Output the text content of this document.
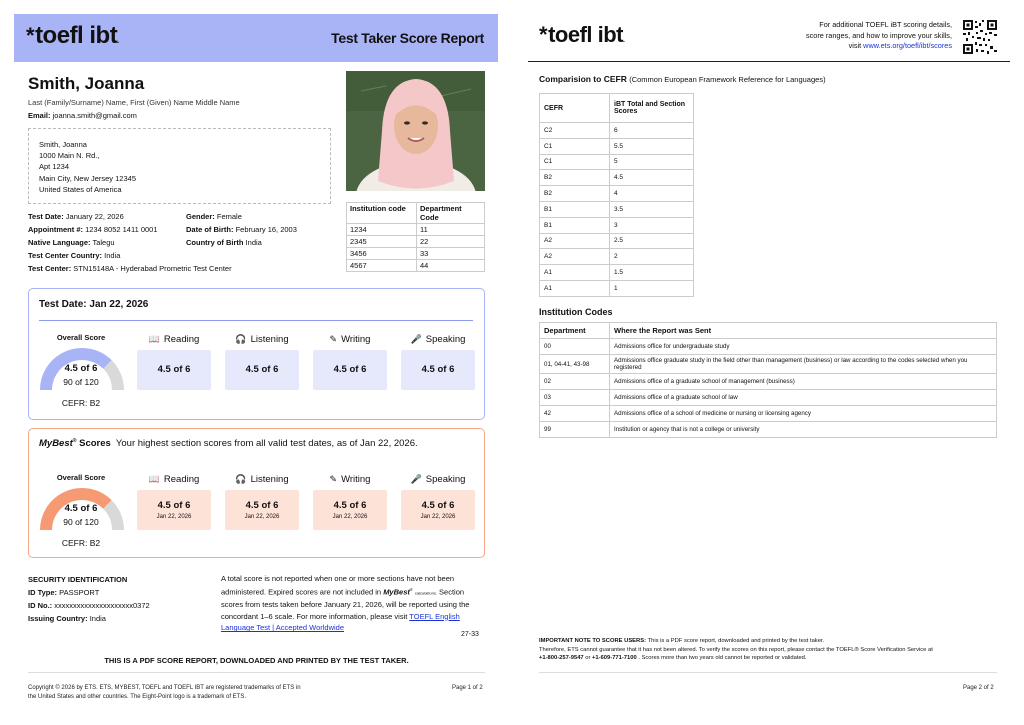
*toefl ibt.	Test Taker Score Report
Smith, Joanna
Last (Family/Surname) Name, First (Given) Name Middle Name
Email: joanna.smith@gmail.com
Smith, Joanna
1000 Main N. Rd.,
Apt 1234
Main City, New Jersey 12345
United States of America
Test Date: January 22, 2026
Appointment #: 1234 8052 1411 0001
Native Language: Talegu
Test Center Country: India
Test Center: STN15148A - Hyderabad Prometric Test Center
Gender: Female
Date of Birth: February 16, 2003
Country of Birth India
Institution code	Department Code
1234	11
2345	22
3456	33
4567	44
Test Date: Jan 22, 2026
Overall Score
4.5 of 6
90 of 120
CEFR: B2
📖 Reading	🎧 Listening	✎ Writing	🎤 Speaking
4.5 of 6	4.5 of 6	4.5 of 6	4.5 of 6
MyBest® Scores Your highest section scores from all valid test dates, as of Jan 22, 2026.
Overall Score
4.5 of 6
90 of 120
CEFR: B2
📖 Reading	🎧 Listening	✎ Writing	🎤 Speaking
4.5 of 6
Jan 22, 2026
4.5 of 6
Jan 22, 2026
4.5 of 6
Jan 22, 2026
4.5 of 6
Jan 22, 2026
SECURITY IDENTIFICATION
ID Type: PASSPORT
ID No.: xxxxxxxxxxxxxxxxxxxxx0372
Issuing Country: India
A total score is not reported when one or more sections have not been administered. Expired scores are not included in MyBest® calculations. Section scores from tests taken before January 21, 2026, will be reported using the concordant 1–6 scale. For more information, please visit TOEFL English Language Test | Accepted Worldwide
27-33
THIS IS A PDF SCORE REPORT, DOWNLOADED AND PRINTED BY THE TEST TAKER.
Copyright © 2026 by ETS. ETS, MYBEST, TOEFL and TOEFL IBT are registered trademarks of ETS in the United States and other countries. The Eight-Point logo is a trademark of ETS.
Page 1 of 2
*toefl ibt.
For additional TOEFL iBT scoring details, score ranges, and how to improve your skills, visit www.ets.org/toefl/ibt/scores
Comparision to CEFR (Common European Framework Reference for Languages)
CEFR	iBT Total and Section Scores
C2	6
C1	5.5
C1	5
B2	4.5
B2	4
B1	3.5
B1	3
A2	2.5
A2	2
A1	1.5
A1	1
Institution Codes
Department	Where the Report was Sent
00	Admissions office for undergraduate study
01, 04-41, 43-98	Admissions office graduate study in the field other than management (business) or law according to the codes selected when you registered
02	Admissions office of a graduate school of management (business)
03	Admissions office of a graduate school of law
42	Admissions office of a school of medicine or nursing or licensing agency
99	Institution or agency that is not a college or university
IMPORTANT NOTE TO SCORE USERS: This is a PDF score report, downloaded and printed by the test taker.
Therefore, ETS cannot guarantee that it has not been altered. To verify the scores on this report, please contact the TOEFL® Score Verification Service at
+1-800-257-9547 or +1-609-771-7100 . Scores more than two years old cannot be reported or validated.
Page 2 of 2
